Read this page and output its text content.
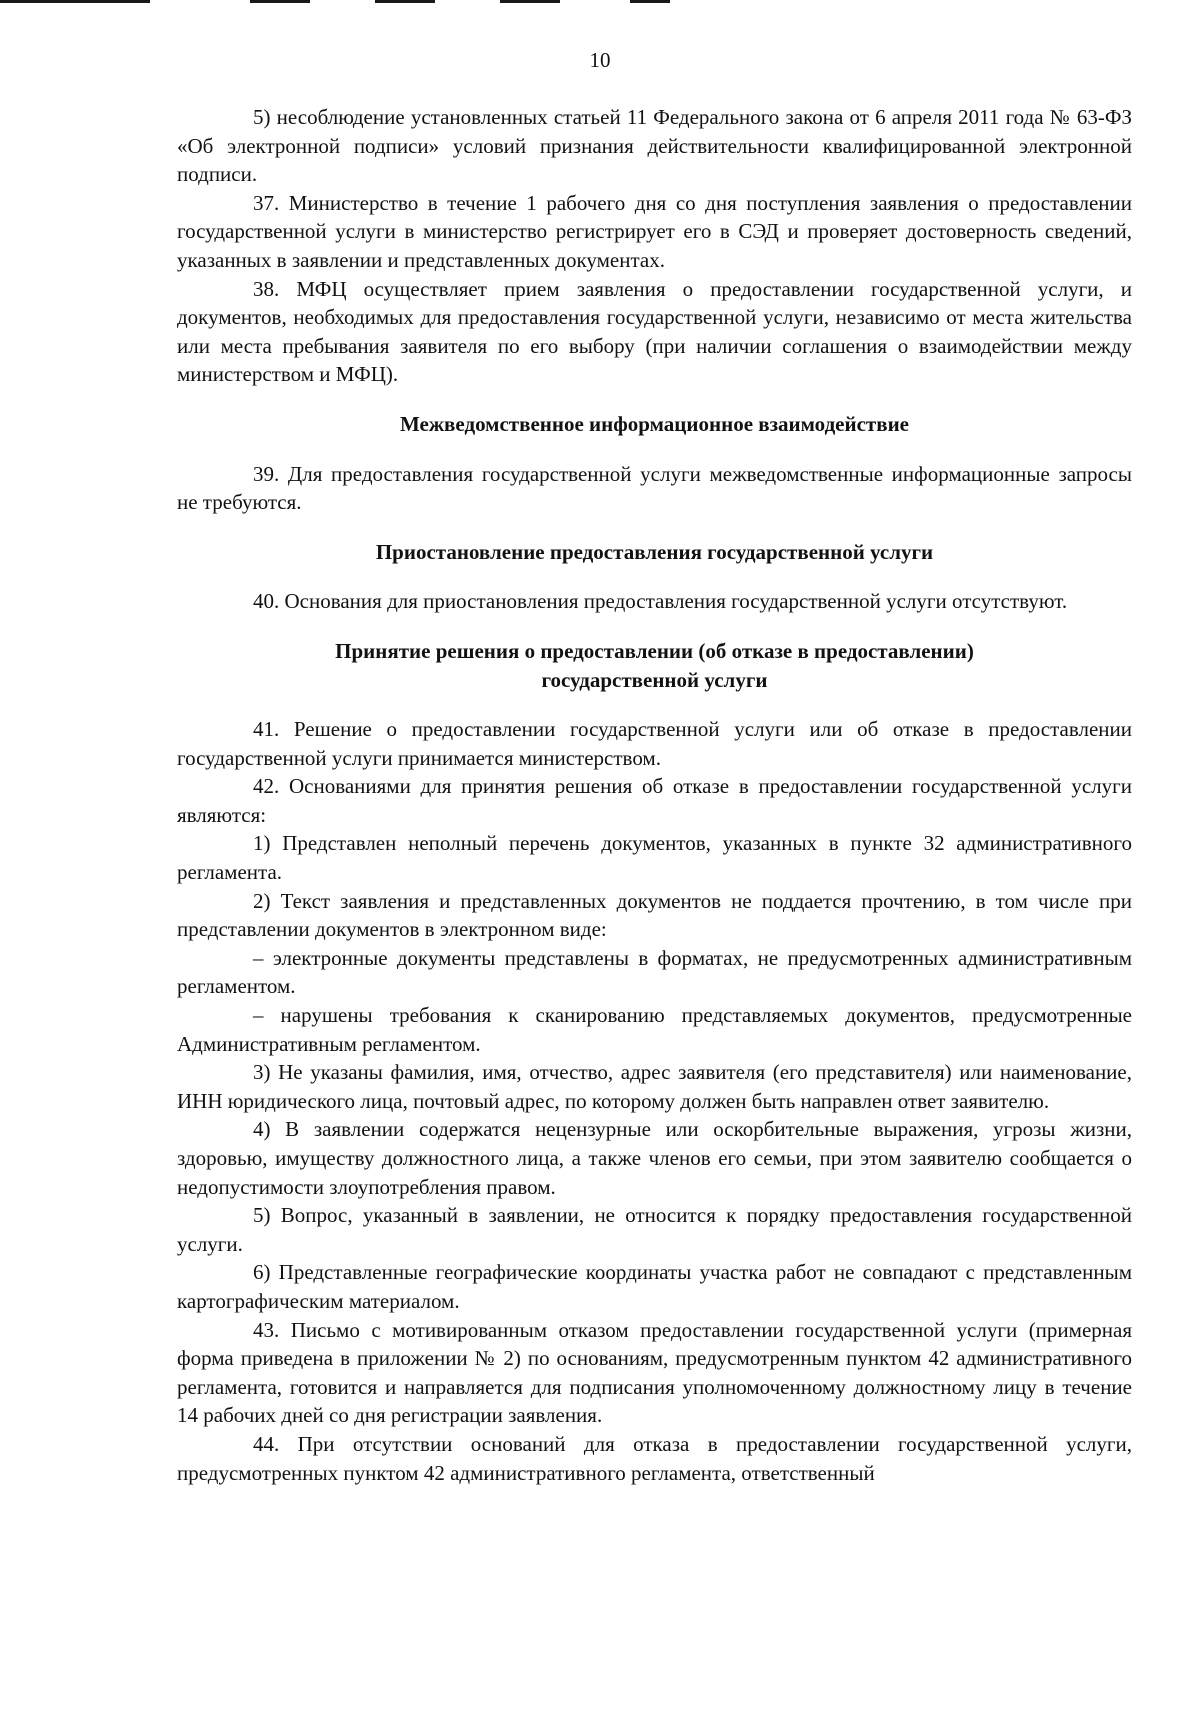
10

5) несоблюдение установленных статьей 11 Федерального закона от 6 апреля 2011 года № 63-ФЗ «Об электронной подписи» условий признания действительности квалифицированной электронной подписи.

37. Министерство в течение 1 рабочего дня со дня поступления заявления о предоставлении государственной услуги в министерство регистрирует его в СЭД и проверяет достоверность сведений, указанных в заявлении и представленных документах.

38. МФЦ осуществляет прием заявления о предоставлении государственной услуги, и документов, необходимых для предоставления государственной услуги, независимо от места жительства или места пребывания заявителя по его выбору (при наличии соглашения о взаимодействии между министерством и МФЦ).

Межведомственное информационное взаимодействие

39. Для предоставления государственной услуги межведомственные информационные запросы не требуются.

Приостановление предоставления государственной услуги

40. Основания для приостановления предоставления государственной услуги отсутствуют.

Принятие решения о предоставлении (об отказе в предоставлении) государственной услуги

41. Решение о предоставлении государственной услуги или об отказе в предоставлении государственной услуги принимается министерством.

42. Основаниями для принятия решения об отказе в предоставлении государственной услуги являются:

1) Представлен неполный перечень документов, указанных в пункте 32 административного регламента.

2) Текст заявления и представленных документов не поддается прочтению, в том числе при представлении документов в электронном виде:

– электронные документы представлены в форматах, не предусмотренных административным регламентом.

– нарушены требования к сканированию представляемых документов, предусмотренные Административным регламентом.

3) Не указаны фамилия, имя, отчество, адрес заявителя (его представителя) или наименование, ИНН юридического лица, почтовый адрес, по которому должен быть направлен ответ заявителю.

4) В заявлении содержатся нецензурные или оскорбительные выражения, угрозы жизни, здоровью, имуществу должностного лица, а также членов его семьи, при этом заявителю сообщается о недопустимости злоупотребления правом.

5) Вопрос, указанный в заявлении, не относится к порядку предоставления государственной услуги.

6) Представленные географические координаты участка работ не совпадают с представленным картографическим материалом.

43. Письмо с мотивированным отказом предоставлении государственной услуги (примерная форма приведена в приложении № 2) по основаниям, предусмотренным пунктом 42 административного регламента, готовится и направляется для подписания уполномоченному должностному лицу в течение 14 рабочих дней со дня регистрации заявления.

44. При отсутствии оснований для отказа в предоставлении государственной услуги, предусмотренных пунктом 42 административного регламента, ответственный
